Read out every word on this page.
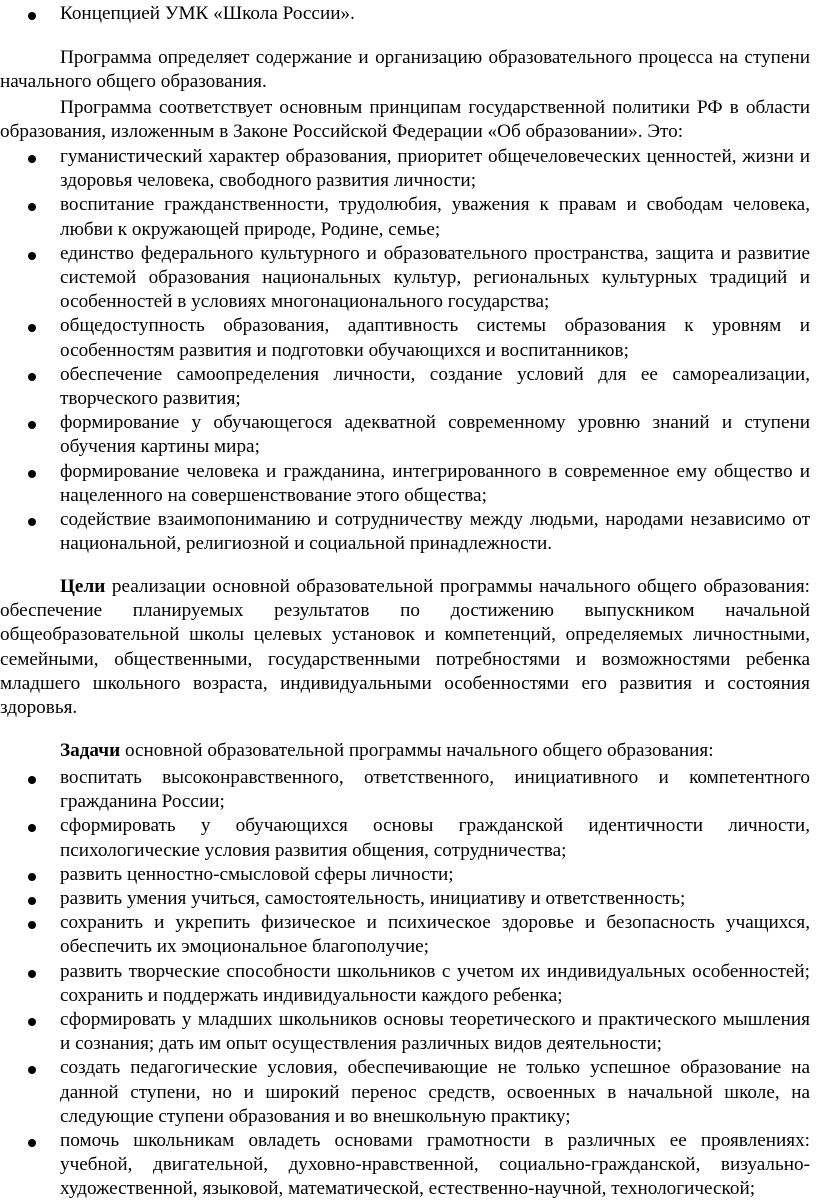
Концепцией УМК «Школа России».

Программа определяет содержание и организацию образовательного процесса на ступени начального общего образования.

Программа соответствует основным принципам государственной политики РФ в области образования, изложенным в Законе Российской Федерации «Об образовании». Это:

гуманистический характер образования, приоритет общечеловеческих ценностей, жизни и здоровья человека, свободного развития личности;
воспитание гражданственности, трудолюбия, уважения к правам и свободам человека, любви к окружающей природе, Родине, семье;
единство федерального культурного и образовательного пространства, защита и развитие системой образования национальных культур, региональных культурных традиций и особенностей в условиях многонационального государства;
общедоступность образования, адаптивность системы образования к уровням и особенностям развития и подготовки обучающихся и воспитанников;
обеспечение самоопределения личности, создание условий для ее самореализации, творческого развития;
формирование у обучающегося адекватной современному уровню знаний и ступени обучения картины мира;
формирование человека и гражданина, интегрированного в современное ему общество и нацеленного на совершенствование этого общества;
содействие взаимопониманию и сотрудничеству между людьми, народами независимо от национальной, религиозной и социальной принадлежности.

Цели реализации основной образовательной программы начального общего образования: обеспечение планируемых результатов по достижению выпускником начальной общеобразовательной школы целевых установок и компетенций, определяемых личностными, семейными, общественными, государственными потребностями и возможностями ребенка младшего школьного возраста, индивидуальными особенностями его развития и состояния здоровья.

Задачи основной образовательной программы начального общего образования:

воспитать высоконравственного, ответственного, инициативного и компетентного гражданина России;
сформировать у обучающихся основы гражданской идентичности личности, психологические условия развития общения, сотрудничества;
развить ценностно-смысловой сферы личности;
развить умения учиться, самостоятельность, инициативу и ответственность;
сохранить и укрепить физическое и психическое здоровье и безопасность учащихся, обеспечить их эмоциональное благополучие;
развить творческие способности школьников с учетом их индивидуальных особенностей; сохранить и поддержать индивидуальности каждого ребенка;
сформировать у младших школьников основы теоретического и практического мышления и сознания; дать им опыт осуществления различных видов деятельности;
создать педагогические условия, обеспечивающие не только успешное образование на данной ступени, но и широкий перенос средств, освоенных в начальной школе, на следующие ступени образования и во внешкольную практику;
помочь школьникам овладеть основами грамотности в различных ее проявлениях: учебной, двигательной, духовно-нравственной, социально-гражданской, визуально-художественной, языковой, математической, естественно-научной, технологической;
